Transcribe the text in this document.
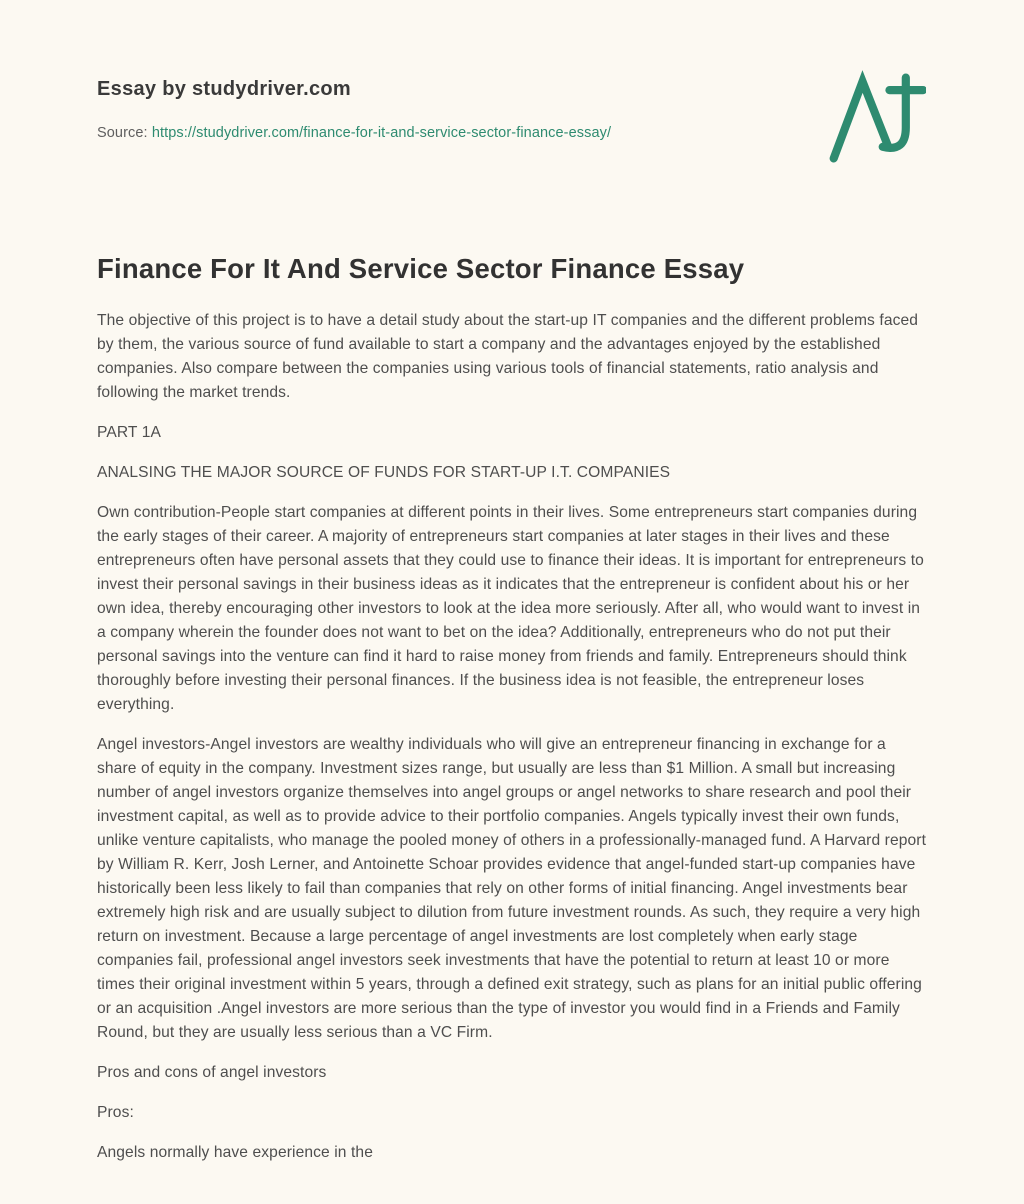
Essay by studydriver.com
Source: https://studydriver.com/finance-for-it-and-service-sector-finance-essay/
Finance For It And Service Sector Finance Essay

The objective of this project is to have a detail study about the start-up IT companies and the different problems faced by them, the various source of fund available to start a company and the advantages enjoyed by the established companies. Also compare between the companies using various tools of financial statements, ratio analysis and following the market trends.

PART 1A

ANALSING THE MAJOR SOURCE OF FUNDS FOR START-UP I.T. COMPANIES

Own contribution-People start companies at different points in their lives. Some entrepreneurs start companies during the early stages of their career. A majority of entrepreneurs start companies at later stages in their lives and these entrepreneurs often have personal assets that they could use to finance their ideas. It is important for entrepreneurs to invest their personal savings in their business ideas as it indicates that the entrepreneur is confident about his or her own idea, thereby encouraging other investors to look at the idea more seriously. After all, who would want to invest in a company wherein the founder does not want to bet on the idea? Additionally, entrepreneurs who do not put their personal savings into the venture can find it hard to raise money from friends and family. Entrepreneurs should think thoroughly before investing their personal finances. If the business idea is not feasible, the entrepreneur loses everything.

Angel investors-Angel investors are wealthy individuals who will give an entrepreneur financing in exchange for a share of equity in the company. Investment sizes range, but usually are less than $1 Million. A small but increasing number of angel investors organize themselves into angel groups or angel networks to share research and pool their investment capital, as well as to provide advice to their portfolio companies. Angels typically invest their own funds, unlike venture capitalists, who manage the pooled money of others in a professionally-managed fund. A Harvard report by William R. Kerr, Josh Lerner, and Antoinette Schoar provides evidence that angel-funded start-up companies have historically been less likely to fail than companies that rely on other forms of initial financing. Angel investments bear extremely high risk and are usually subject to dilution from future investment rounds. As such, they require a very high return on investment. Because a large percentage of angel investments are lost completely when early stage companies fail, professional angel investors seek investments that have the potential to return at least 10 or more times their original investment within 5 years, through a defined exit strategy, such as plans for an initial public offering or an acquisition .Angel investors are more serious than the type of investor you would find in a Friends and Family Round, but they are usually less serious than a VC Firm.

Pros and cons of angel investors

Pros:

Angels normally have experience in the
